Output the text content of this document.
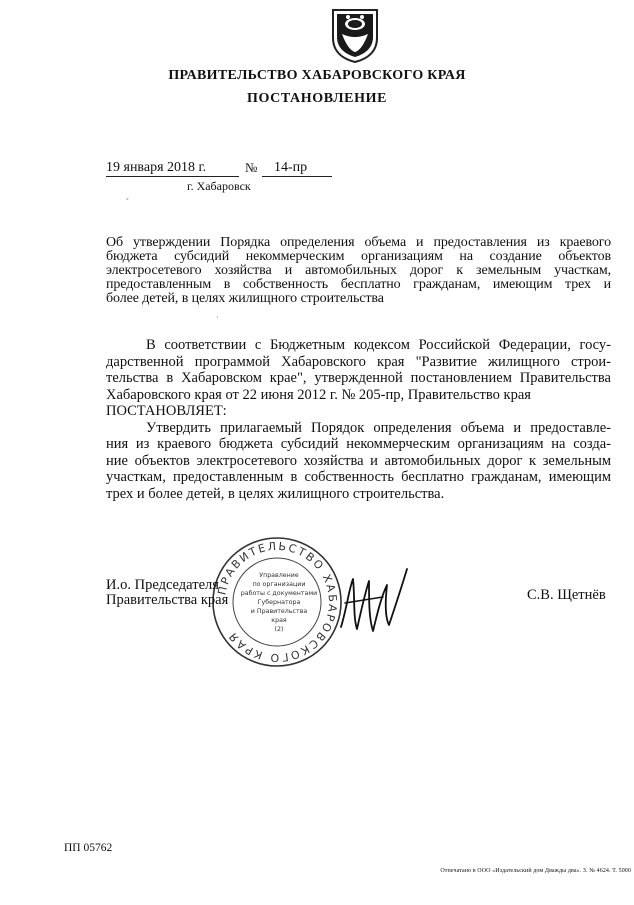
ПРАВИТЕЛЬСТВО ХАБАРОВСКОГО КРАЯ
ПОСТАНОВЛЕНИЕ
19 января 2018 г.	№	14-пр
г. Хабаровск
ˇ
Об утверждении Порядка определения объема и предоставления из краевого
бюджета субсидий некоммерческим организациям на создание объектов
электросетевого хозяйства и автомобильных дорог к земельным участкам,
предоставленным в собственность бесплатно гражданам, имеющим трех и
более детей, в целях жилищного строительства
·
В соответствии с Бюджетным кодексом Российской Федерации, госу-
дарственной программой Хабаровского края "Развитие жилищного строи-
тельства в Хабаровском крае", утвержденной постановлением Правительства
Хабаровского края от 22 июня 2012 г. № 205-пр, Правительство края
ПОСТАНОВЛЯЕТ:
Утвердить прилагаемый Порядок определения объема и предоставле-
ния из краевого бюджета субсидий некоммерческим организациям на созда-
ние объектов электросетевого хозяйства и автомобильных дорог к земельным
участкам, предоставленным в собственность бесплатно гражданам, имеющим
трех и более детей, в целях жилищного строительства.
ПРАВИТЕЛЬСТВО ХАБАРОВСКОГО КРАЯ
Управление
по организации
работы с документами
Губернатора
и Правительства
края
(2)
И.о. Председателя
Правительства края	С.В. Щетнёв
ПП 05762
Отпечатано в ООО «Издательский дом Дважды два». З. № 4624. Т. 5000
